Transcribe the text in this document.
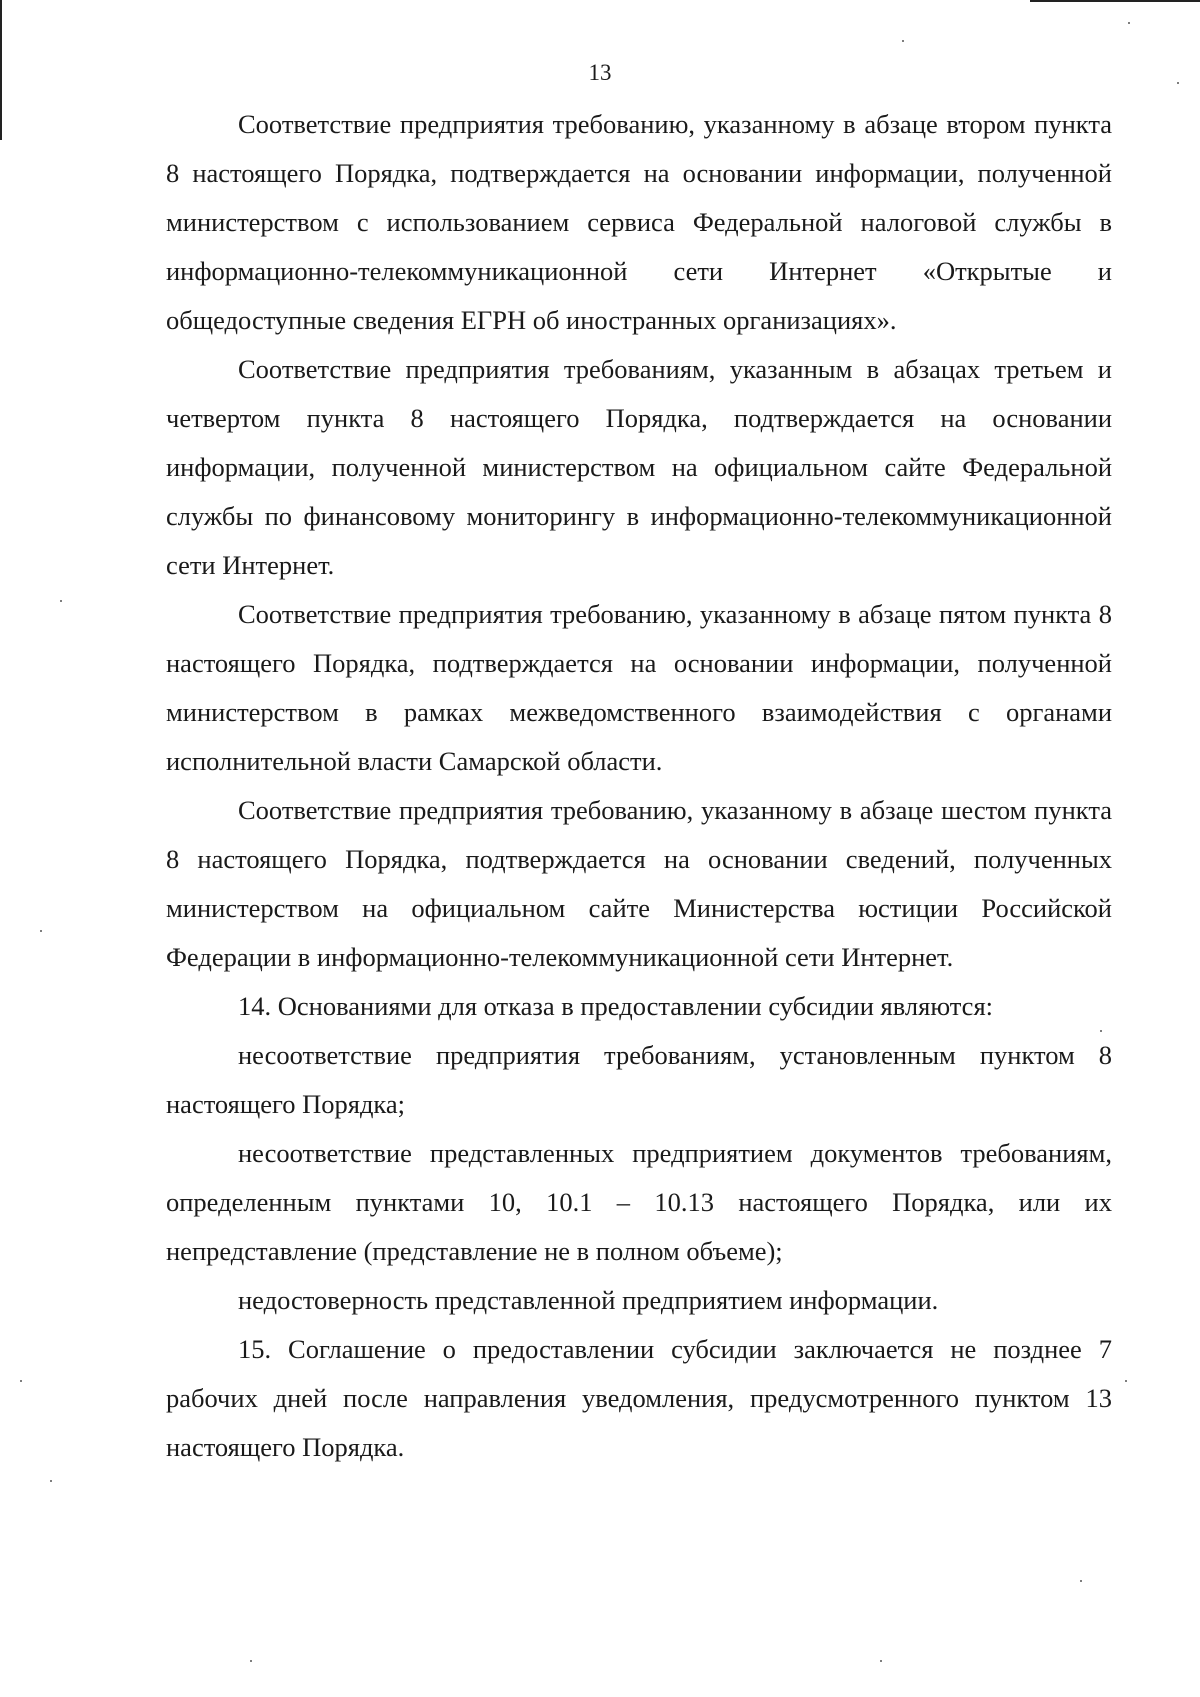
13

Соответствие предприятия требованию, указанному в абзаце втором пункта 8 настоящего Порядка, подтверждается на основании информации, полученной министерством с использованием сервиса Федеральной налоговой службы в информационно-телекоммуникационной сети Интернет «Открытые и общедоступные сведения ЕГРН об иностранных организациях».

Соответствие предприятия требованиям, указанным в абзацах третьем и четвертом пункта 8 настоящего Порядка, подтверждается на основании информации, полученной министерством на официальном сайте Федеральной службы по финансовому мониторингу в информационно-телекоммуникационной сети Интернет.

Соответствие предприятия требованию, указанному в абзаце пятом пункта 8 настоящего Порядка, подтверждается на основании информации, полученной министерством в рамках межведомственного взаимодействия с органами исполнительной власти Самарской области.

Соответствие предприятия требованию, указанному в абзаце шестом пункта 8 настоящего Порядка, подтверждается на основании сведений, полученных министерством на официальном сайте Министерства юстиции Российской Федерации в информационно-телекоммуникационной сети Интернет.

14. Основаниями для отказа в предоставлении субсидии являются:

несоответствие предприятия требованиям, установленным пунктом 8 настоящего Порядка;

несоответствие представленных предприятием документов требованиям, определенным пунктами 10, 10.1 – 10.13 настоящего Порядка, или их непредставление (представление не в полном объеме);

недостоверность представленной предприятием информации.

15. Соглашение о предоставлении субсидии заключается не позднее 7 рабочих дней после направления уведомления, предусмотренного пунктом 13 настоящего Порядка.
